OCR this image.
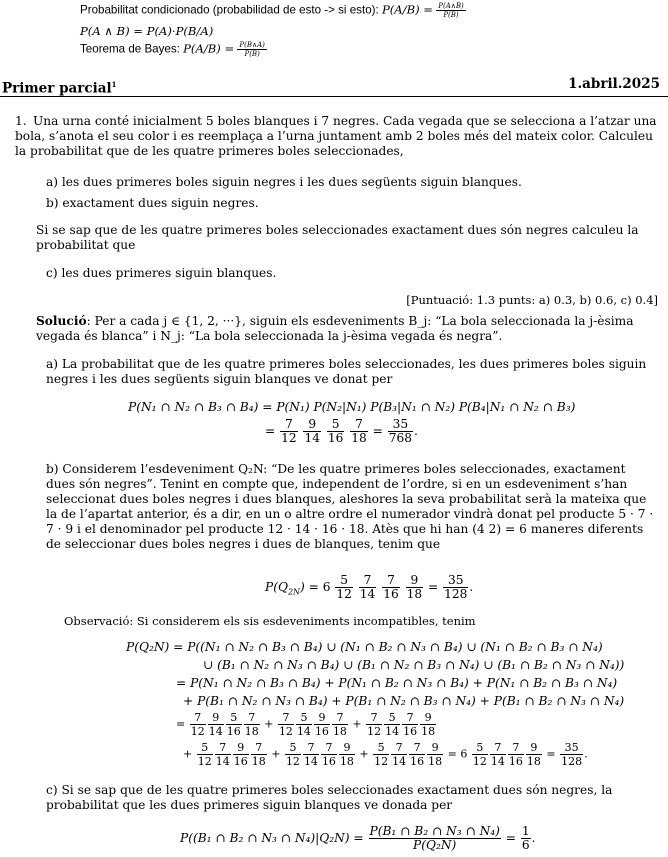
Probabilitat condicionado (probabilidad de esto -> si esto): $P(A/B) = \frac{P(A\wedge B)}{P(B)}$
P(A ∧ B) = P(A)·P(B/A)
Teorema de Bayes: $P(A/B) = \frac{P(B\wedge A)}{P(B)}$
Primer parcial$^1$	1.abril.2025
1. Una urna conté inicialment 5 boles blanques i 7 negres. Cada vegada que se selecciona a l’atzar una bola, s’anota el seu color i es reemplaça a l’urna juntament amb 2 boles més del mateix color. Calculeu la probabilitat que de les quatre primeres boles seleccionades,
a) les dues primeres boles siguin negres i les dues següents siguin blanques.
b) exactament dues siguin negres.
Si se sap que de les quatre primeres boles seleccionades exactament dues són negres calculeu la probabilitat que
c) les dues primeres siguin blanques.
[Puntuació: 1.3 punts: a) 0.3, b) 0.6, c) 0.4]
Solució: Per a cada j ∈ {1, 2, ···}, siguin els esdeveniments B_j: “La bola seleccionada la j-èsima vegada és blanca” i N_j: “La bola seleccionada la j-èsima vegada és negra”.
a) La probabilitat que de les quatre primeres boles seleccionades, les dues primeres boles siguin negres i les dues següents siguin blanques ve donat per
P(N₁ ∩ N₂ ∩ B₃ ∩ B₄) = P(N₁) P(N₂|N₁) P(B₃|N₁ ∩ N₂) P(B₄|N₁ ∩ N₂ ∩ B₃)
= $\frac{7}{12}$
$\frac{9}{14}$
$\frac{5}{16}$
$\frac{7}{18} = \frac{35}{768}$ .
b) Considerem l’esdeveniment Q₂N: “De les quatre primeres boles seleccionades, exactament dues són negres”. Tenint en compte que, independent de l’ordre, si en un esdeveniment s’han seleccionat dues boles negres i dues blanques, aleshores la seva probabilitat serà la mateixa que la de l’apartat anterior, és a dir, en un o altre ordre el numerador vindrà donat pel producte 5 · 7 · 7 · 9 i el denominador pel producte 12 · 14 · 16 · 18. Atès que hi han (4 2) = 6 maneres diferents de seleccionar dues boles negres i dues de blanques, tenim que
$P(Q_{2N}) = 6 \frac{5}{12}$
$\frac{7}{14}$
$\frac{7}{16}$
$\frac{9}{18} = \frac{35}{128}$ .
Observació: Si considerem els sis esdeveniments incompatibles, tenim
P(Q₂N) = P((N₁ ∩ N₂ ∩ B₃ ∩ B₄) ∪ (N₁ ∩ B₂ ∩ N₃ ∩ B₄) ∪ (N₁ ∩ B₂ ∩ B₃ ∩ N₄)
∪ (B₁ ∩ N₂ ∩ N₃ ∩ B₄) ∪ (B₁ ∩ N₂ ∩ B₃ ∩ N₄) ∪ (B₁ ∩ B₂ ∩ N₃ ∩ N₄))
= P(N₁ ∩ N₂ ∩ B₃ ∩ B₄) + P(N₁ ∩ B₂ ∩ N₃ ∩ B₄) + P(N₁ ∩ B₂ ∩ B₃ ∩ N₄)
+ P(B₁ ∩ N₂ ∩ N₃ ∩ B₄) + P(B₁ ∩ N₂ ∩ B₃ ∩ N₄) + P(B₁ ∩ B₂ ∩ N₃ ∩ N₄)
= $\frac{7}{12} \frac{9}{14} \frac{5}{16} \frac{7}{18} + \frac{7}{12} \frac{5}{14} \frac{9}{16} \frac{7}{18} + \frac{7}{12} \frac{5}{14} \frac{7}{16} \frac{9}{18}$
+ $\frac{5}{12} \frac{7}{14} \frac{9}{16} \frac{7}{18} + \frac{5}{12} \frac{7}{14} \frac{7}{16} \frac{9}{18} + \frac{5}{12} \frac{7}{14} \frac{7}{16} \frac{9}{18} = 6 \frac{5}{12} \frac{7}{14} \frac{7}{16} \frac{9}{18} = \frac{35}{128}$ .
c) Si se sap que de les quatre primeres boles seleccionades exactament dues són negres, la probabilitat que les dues primeres siguin blanques ve donada per
P((B₁ ∩ B₂ ∩ N₃ ∩ $N_4)|Q_2N) = \frac{\text{P(B₁ ∩ B₂ ∩ N₃ ∩ N₄)}}{\text{P(Q₂N)}} = \frac{1}{6}$ .
